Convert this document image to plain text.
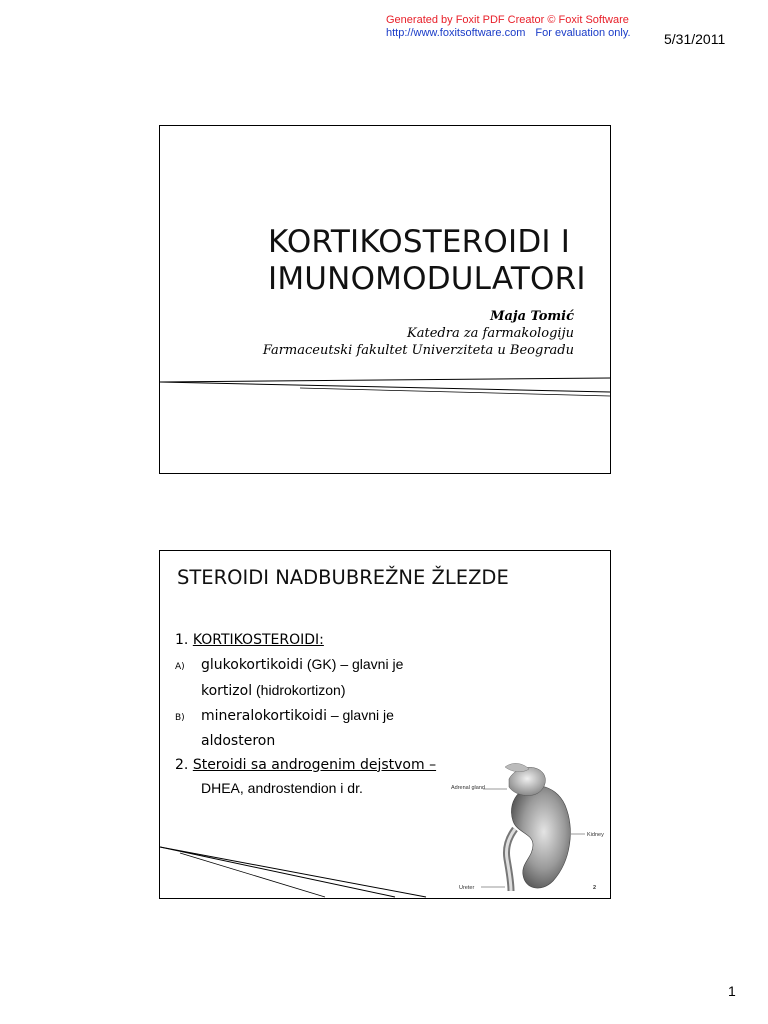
Generated by Foxit PDF Creator © Foxit Software
http://www.foxitsoftware.com For evaluation only. 5/31/2011
KORTIKOSTEROIDI I
IMUNOMODULATORI
Maja Tomić
Katedra za farmakologiju
Farmaceutski fakultet Univerziteta u Beogradu
STEROIDI NADBUBREŽNE ŽLEZDE
1. KORTIKOSTEROIDI:
A) glukokortikoidi (GK) – glavni je
kortizol (hidrokortizon)
B) mineralokortikoidi – glavni je
aldosteron
2. Steroidi sa androgenim dejstvom –
DHEA, androstendion i dr.	Adrenal gland
Kidney
Ureter	2
1
